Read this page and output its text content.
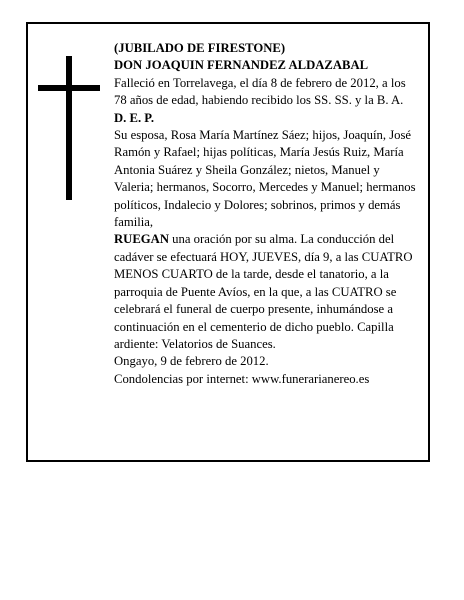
(JUBILADO DE FIRESTONE)

DON JOAQUIN FERNANDEZ ALDAZABAL

Falleció en Torrelavega, el día 8 de febrero de 2012, a los 78 años de edad, habiendo recibido los SS. SS. y la B. A.

D. E. P.

Su esposa, Rosa María Martínez Sáez; hijos, Joaquín, José Ramón y Rafael; hijas políticas, María Jesús Ruiz, María Antonia Suárez y Sheila González; nietos, Manuel y Valeria; hermanos, Socorro, Mercedes y Manuel; hermanos políticos, Indalecio y Dolores; sobrinos, primos y demás familia,

RUEGAN una oración por su alma. La conducción del cadáver se efectuará HOY, JUEVES, día 9, a las CUATRO MENOS CUARTO de la tarde, desde el tanatorio, a la parroquia de Puente Avíos, en la que, a las CUATRO se celebrará el funeral de cuerpo presente, inhumándose a continuación en el cementerio de dicho pueblo. Capilla ardiente: Velatorios de Suances.

Ongayo, 9 de febrero de 2012.

Condolencias por internet: www.funerarianereo.es
